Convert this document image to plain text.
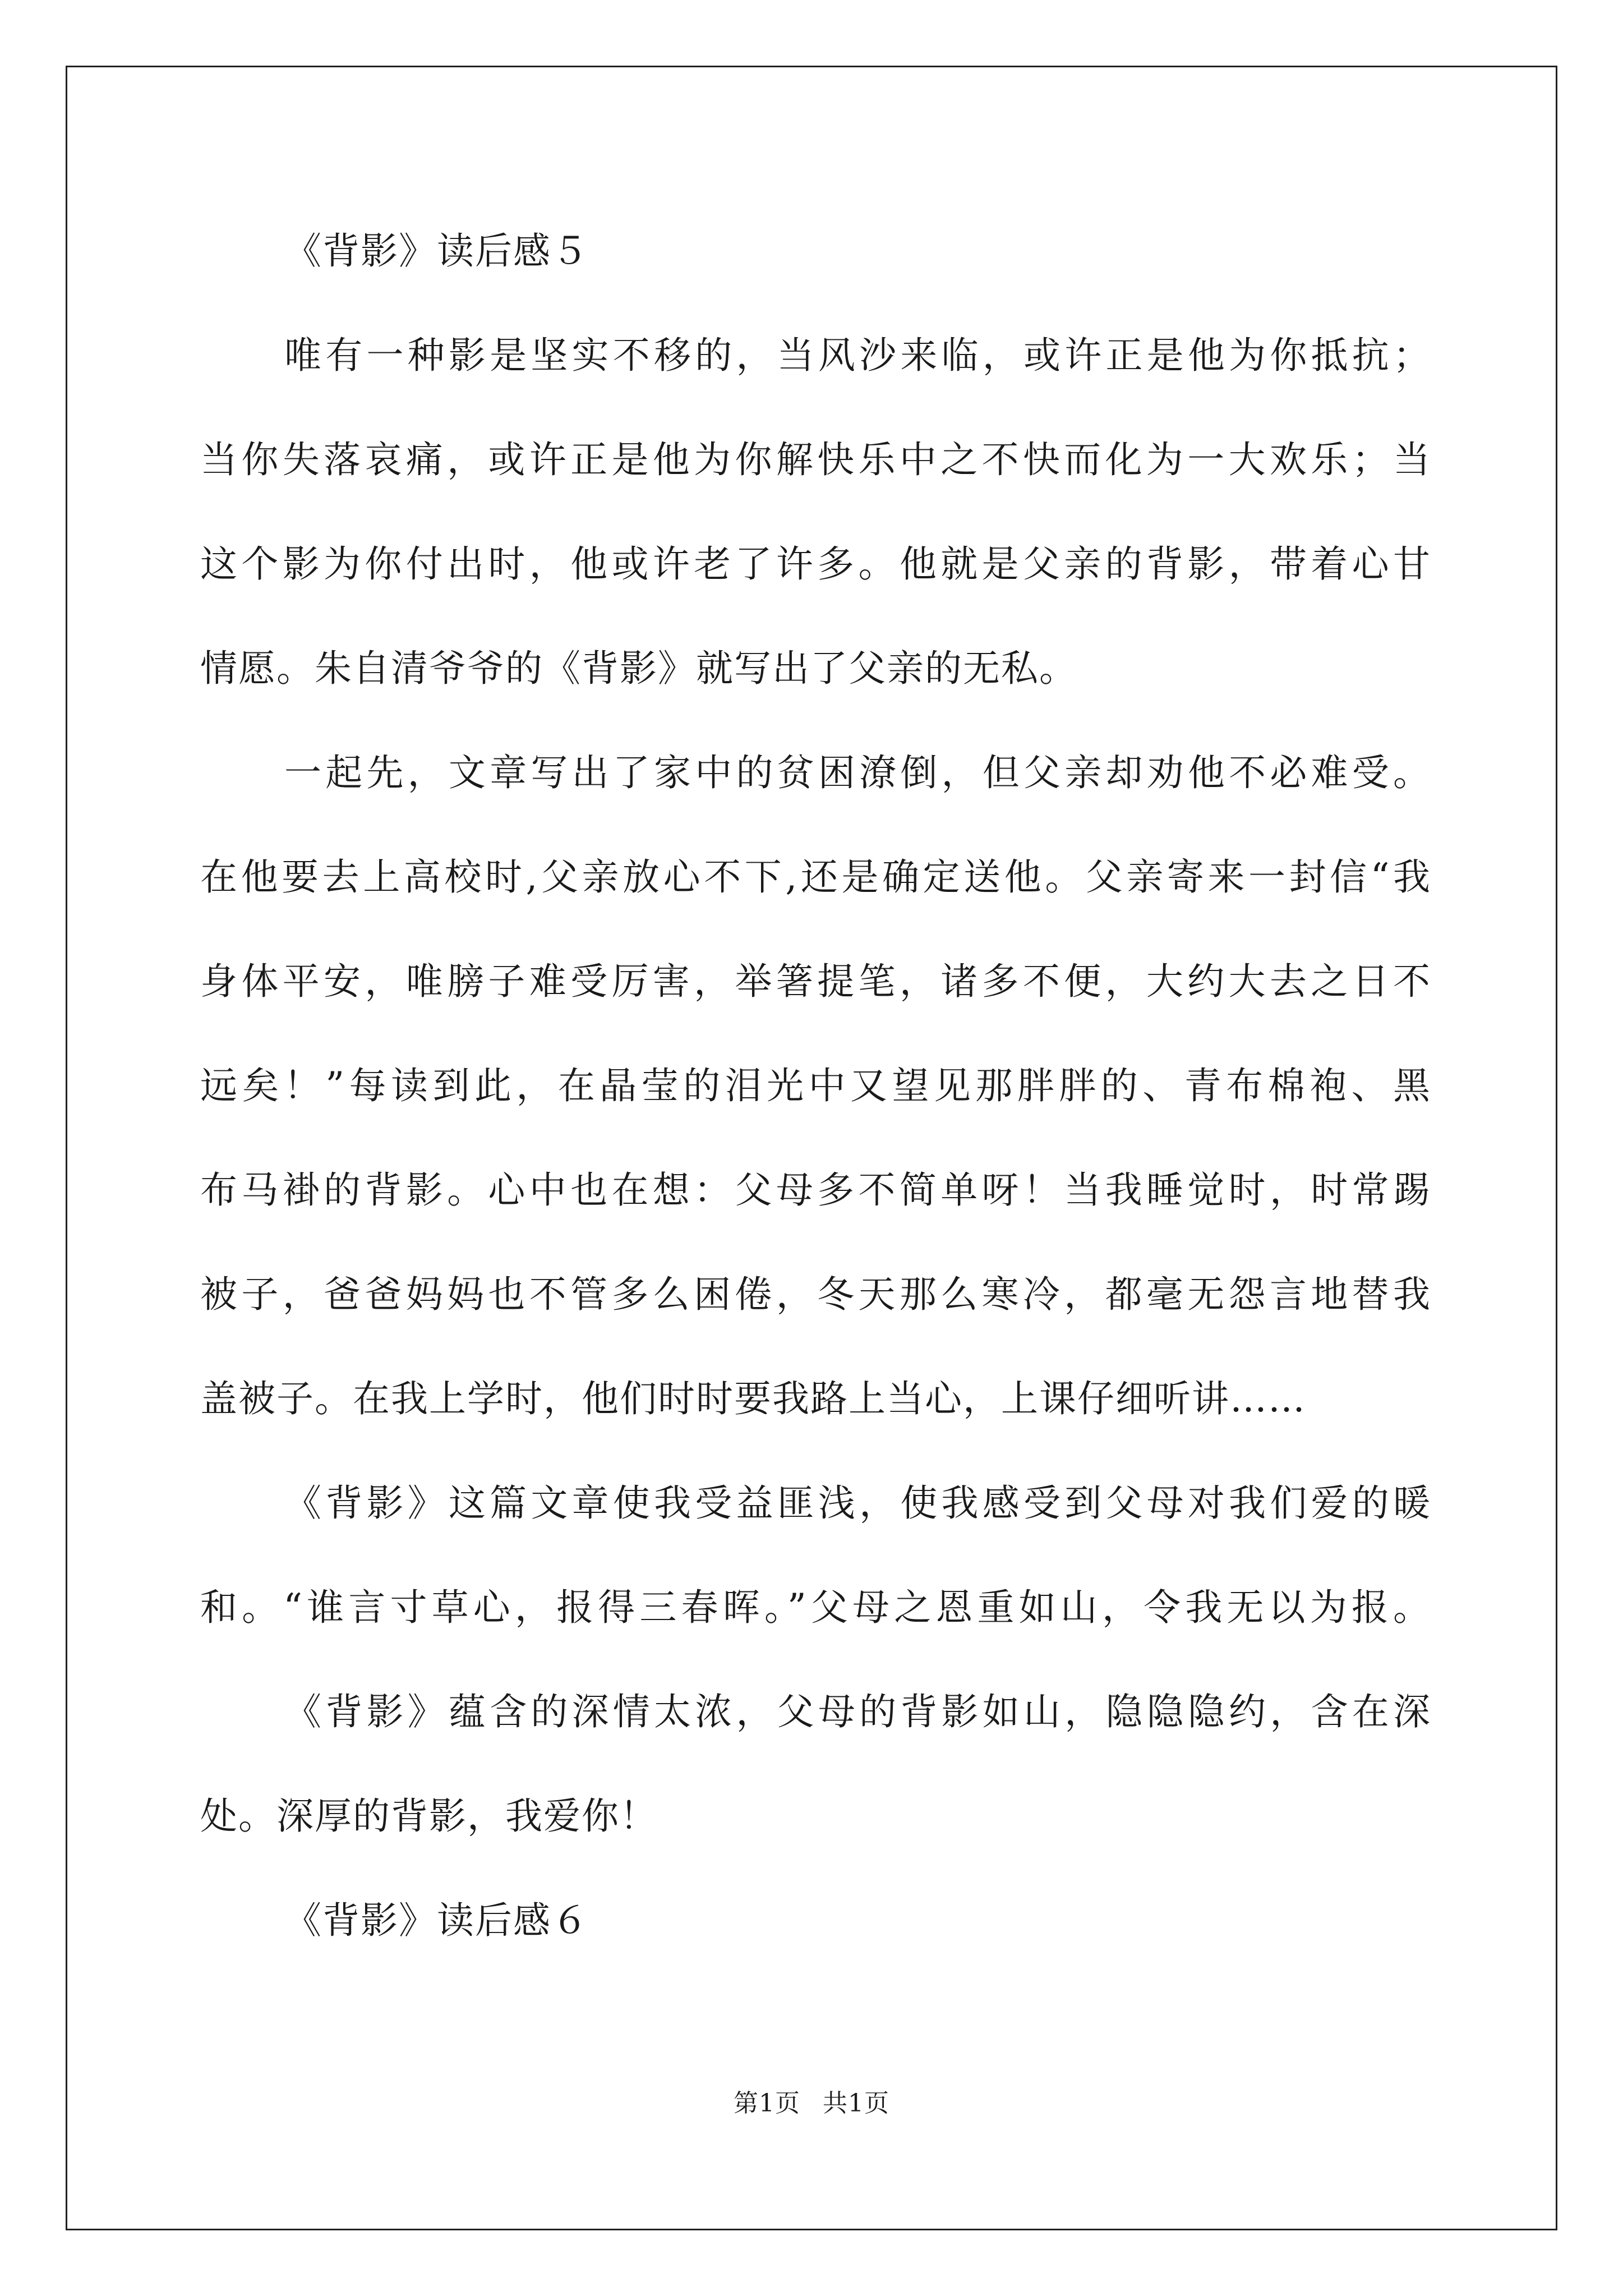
《背影》读后感５
唯有一种影是坚实不移的，当风沙来临，或许正是他为你抵抗；
当你失落哀痛，或许正是他为你解快乐中之不快而化为一大欢乐；当
这个影为你付出时，他或许老了许多。他就是父亲的背影，带着心甘
情愿。朱自清爷爷的《背影》就写出了父亲的无私。
一起先，文章写出了家中的贫困潦倒，但父亲却劝他不必难受。
在他要去上高校时,父亲放心不下,还是确定送他。父亲寄来一封信“我
身体平安，唯膀子难受厉害，举箸提笔，诸多不便，大约大去之日不
远矣！”每读到此，在晶莹的泪光中又望见那胖胖的、青布棉袍、黑
布马褂的背影。心中也在想：父母多不简单呀！当我睡觉时，时常踢
被子，爸爸妈妈也不管多么困倦，冬天那么寒冷，都毫无怨言地替我
盖被子。在我上学时，他们时时要我路上当心，上课仔细听讲……
《背影》这篇文章使我受益匪浅，使我感受到父母对我们爱的暖
和。“谁言寸草心，报得三春晖。”父母之恩重如山，令我无以为报。
《背影》蕴含的深情太浓，父母的背影如山，隐隐隐约，含在深
处。深厚的背影，我爱你！
《背影》读后感６
第1页 共1页
